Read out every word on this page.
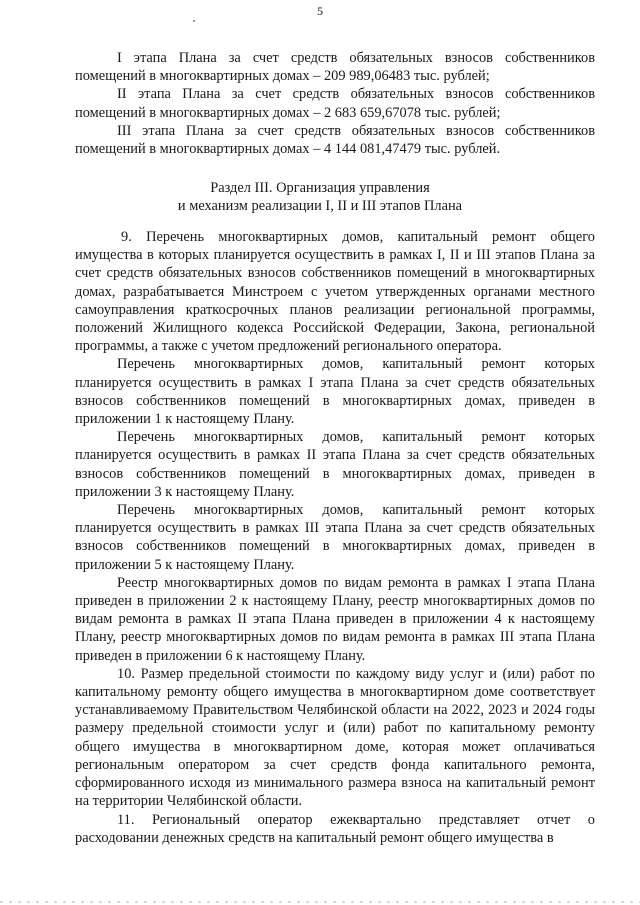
5

I этапа Плана за счет средств обязательных взносов собственников помещений в многоквартирных домах – 209 989,06483 тыс. рублей;

II этапа Плана за счет средств обязательных взносов собственников помещений в многоквартирных домах – 2 683 659,67078 тыс. рублей;

III этапа Плана за счет средств обязательных взносов собственников помещений в многоквартирных домах – 4 144 081,47479 тыс. рублей.

Раздел III. Организация управления
и механизм реализации I, II и III этапов Плана

9. Перечень многоквартирных домов, капитальный ремонт общего имущества в которых планируется осуществить в рамках I, II и III этапов Плана за счет средств обязательных взносов собственников помещений в многоквартирных домах, разрабатывается Минстроем с учетом утвержденных органами местного самоуправления краткосрочных планов реализации региональной программы, положений Жилищного кодекса Российской Федерации, Закона, региональной программы, а также с учетом предложений регионального оператора.

Перечень многоквартирных домов, капитальный ремонт которых планируется осуществить в рамках I этапа Плана за счет средств обязательных взносов собственников помещений в многоквартирных домах, приведен в приложении 1 к настоящему Плану.

Перечень многоквартирных домов, капитальный ремонт которых планируется осуществить в рамках II этапа Плана за счет средств обязательных взносов собственников помещений в многоквартирных домах, приведен в приложении 3 к настоящему Плану.

Перечень многоквартирных домов, капитальный ремонт которых планируется осуществить в рамках III этапа Плана за счет средств обязательных взносов собственников помещений в многоквартирных домах, приведен в приложении 5 к настоящему Плану.

Реестр многоквартирных домов по видам ремонта в рамках I этапа Плана приведен в приложении 2 к настоящему Плану, реестр многоквартирных домов по видам ремонта в рамках II этапа Плана приведен в приложении 4 к настоящему Плану, реестр многоквартирных домов по видам ремонта в рамках III этапа Плана приведен в приложении 6 к настоящему Плану.

10. Размер предельной стоимости по каждому виду услуг и (или) работ по капитальному ремонту общего имущества в многоквартирном доме соответствует устанавливаемому Правительством Челябинской области на 2022, 2023 и 2024 годы размеру предельной стоимости услуг и (или) работ по капитальному ремонту общего имущества в многоквартирном доме, которая может оплачиваться региональным оператором за счет средств фонда капитального ремонта, сформированного исходя из минимального размера взноса на капитальный ремонт на территории Челябинской области.

11. Региональный оператор ежеквартально представляет отчет о расходовании денежных средств на капитальный ремонт общего имущества в
